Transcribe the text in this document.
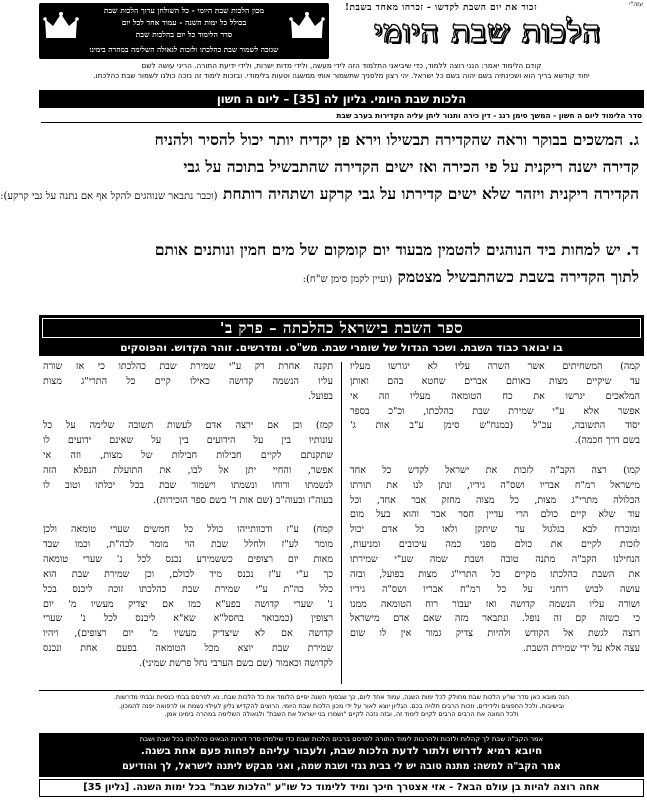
עזה"י
זכור את יום השבת לקדשו - זכרהו מאחד בשבת!
הלכות שבת היומי
מכון הלכות שבת היומי - כל השולחן ערוך הלכות שבת
בכולל כל ימות השנה - עמוד אחד לכל יום
סדר הלימוד כל יום בהלכות שבת
שנזכה לשמור שבת כהלכתו ולזכות לגאולה השלימה במהרה בימינו
קודם הלימוד יאמר: הנני רוצה ללמוד, כדי שיביאני התלמוד הזה לידי מעשה, ולידי מדות ישרות, ולידי ידיעת התורה. הריני עושה לשם
יחוד קודשא בריך הוא ושכינתיה בשם יהוה בשם כל ישראל. יהי רצון מלפניך שתשמור אותי ממשגה וטעות בלימודי. ובזכות לימוד זה נזכה כולנו לשמור שבת כהלכתו.
הלכות שבת היומי. גליון לה [35] – ליום ה חשון
סדר הלימוד ליום ה חשון - המשך סימן רנג - דין כירה ותנור ליתן עליה הקדירות בערב שבת
ג. המשכים בבוקר וראה שהקדירה תבשילו וירא פן יקדיח יותר יכול להסיר ולהניח
קדירה ישנה ריקנית על פי הכירה ואז ישים הקדירה שהתבשיל בתוכה על גבי
הקדירה ריקנית ויזהר שלא ישים קדירתו על גבי קרקע ושתהיה רותחת (וכבר נתבאר שנוהגים להקל אף אם נתנה על גבי קרקע):
ד. יש למחות ביד הנוהגים להטמין מבעוד יום קומקום של מים חמין ונותנים אותם
לתוך הקדירה בשבת כשהתבשיל מצטמק (ועיין לקמן סימן ש"ח):
ספר השבת בישראל כהלכתה – פרק ב'
בו יבואר כבוד השבת. ושכר הגדול של שומרי שבת. מש"ס. ומדרשים. זוהר הקדוש. והפוסקים
קמה) המשחיתים אשר השרה עליו לא יגורשו מעליו
עד שיקיים מצות באותם אברים שחטא בהם ואותן
המלאכים יגרשו את כח הטומאה מעליו וזה אי
אפשר אלא ע"י שמירת שבת כהלכתו, וכ"כ בספר
יסוד התשובה, עכ"ל (במנח"ש סימן ע"ב אות ג'
בשם דרך חכמה).
קמו) רצה הקב"ה לזכות את ישראל לקדש כל אחד
מישראל רמ"ח אבריו ושס"ה גידיו, ונתן לנו את תורתו
הכלולה מתרי"ג מצות, כל מצוה מחזק אבר אחד, וכל
עוד שלא קיים כולם הרי עדיין חסר אבר והוא בעל מום
ומוכרח לבא בגלגול עד שיתקן ולאו כל אדם יכול
לזכות לקיים את כולם מפני כמה עיכובים ומניעות,
הנחילנו הקב"ה מתנה טובה ושבת שמה שע"י שמירתו
את השבת כהלכתו מקיים כל התרי"ג מצות בפועל, ובזה
עושה לבוש רוחני על כל רמ"ח אבריו ושס"ה גידיו
ושורה עליו הנשמה קדושה ואז יעבור רוח הטומאה ממנו
כי כשזה קם זה נופל. ונתבאר מזה שאם אדם מישראל
רוצה לגשת אל הקודש ולהיות צדיק גמור אין לו שום
עצה אלא על ידי שמירת השבת.
תקנה אחרת רק ע"י שמירת שבת כהלכתו כי אז שורה
עליו הנשמה קדושה כאילו קיים כל התרי"ג מצות
בפועל.
קמז) וכן אם ירצה אדם לעשות תשובה שלימה על כל
עונותיו בין על הידועים בין על שאינם ידועים לו
שתקנתם לקיים חבילות חבילות של מצות, וזה אי
אפשר, והחיי יתן אל לבו, את התועלת הנפלא הזה
לנשמתו ורוחו ונשמתו וישמור שבת בכל יכלתו וטוב לו
בעוה"ז ובעוה"ב (שם אות ד' בשם ספר הזכירות).
קמח) ע"ז ודכוותייהו כולל כל חמשים שערי טומאה ולכן
מומר לע"ז ולחלל שבת הוי מומר לכה"ת, וכמו שבד
מאות יום רצופים כששמירע נכנס לכל נ' שערי טומאה
כך ע"י ע"ז נכנס מיד לכולם, וכן שמירת שבת הוא
כלל כה"ת ע"י שמירת שבת כהלכתו זוכה ליכנס בכל
נ' שערי קדושה בפע"א כמו אם יצדיק מעשיו מ' יום
רצופין (כמבואר בחסל"א שא"א ליכנס לכל נ' שערי
קדושה אם לא שיצדיק מעשיו מ' יום רצופים), ויהיו
שמירת שבת יוצא מכל הטומאה בפעם אחת ונכנס
לקדושה וכאמור (שם בשם הערבי נחל פרשת שמיני).
הנה מובא כאן סדר שו"ע הלכות שבת מחולק לכל ימות השנה, עמוד אחד ליום, כך שבסוף השנה יסיים הלומד את כל הלכות שבת. נא לפרסם בבתי כנסיות ובבתי מדרשות.
ובישיבות, ולכל החפצים ולידידים, וזכות הרבים תלויה בכם. הגליון יוצא לאור על ידי מכון הלכות שבת היומי. הרוצים להקדיש גליון לעילוי נשמת או לרפואה יפנה להמכון.
ולכל המונה את הרבים הרבים לקיים לימוד זה, ובזה נזכה לקיים "ושמרו בני ישראל את השבת" ולגאולה השלימה במהרה בימינו אמן.
אמר הקב"ה שבת לך קהלות ולזכות ולהרבות לימוד התורה לפרסם ברבים הלכות שבת כדי שילמדו סדר דורות הבאים כהלכתו בכל שבת ושבת
חיובא רמיא לדרוש ולתור לדעת הלכות שבת, ולעבור עליהם לפחות פעם אחת בשנה.
אמר הקב"ה למשה: מתנה טובה יש לי בבית גנזי ושבת שמה, ואני מבקש ליתנה לישראל, לך והודיעם
אחה רוצה להיות בן עולם הבא? - אזי אצטרך חיכך ומיד ללימוד כל שו"ע "הלכות שבת" בכל ימות השנה. [גליון 35]
